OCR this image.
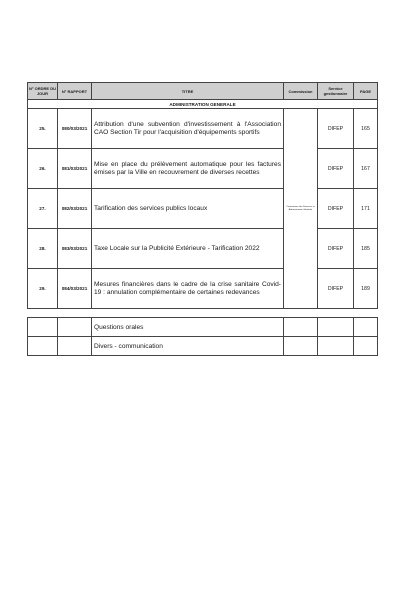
N° ORDRE DU JOUR	N° RAPPORT	TITRE	Commission	Service gestionnaire	PAGE
ADMINISTRATION GENERALE					
25.	080/03/2021	Attribution d'une subvention d'investissement à l'Association CAO Section Tir pour l'acquisition d'équipements sportifs	Commission des Finances et Administration Générale	DIFEP	165
26.	081/03/2021	Mise en place du prélèvement automatique pour les factures émises par la Ville en recouvrement de diverses recettes		DIFEP	167
27.	082/03/2021	Tarification des services publics locaux		DIFEP	171
28.	083/03/2021	Taxe Locale sur la Publicité Extérieure - Tarification 2022		DIFEP	185
29.	084/03/2021	Mesures financières dans le cadre de la crise sanitaire Covid-19 : annulation complémentaire de certaines redevances		DIFEP	189

		Questions orales			
		Divers - communication			
